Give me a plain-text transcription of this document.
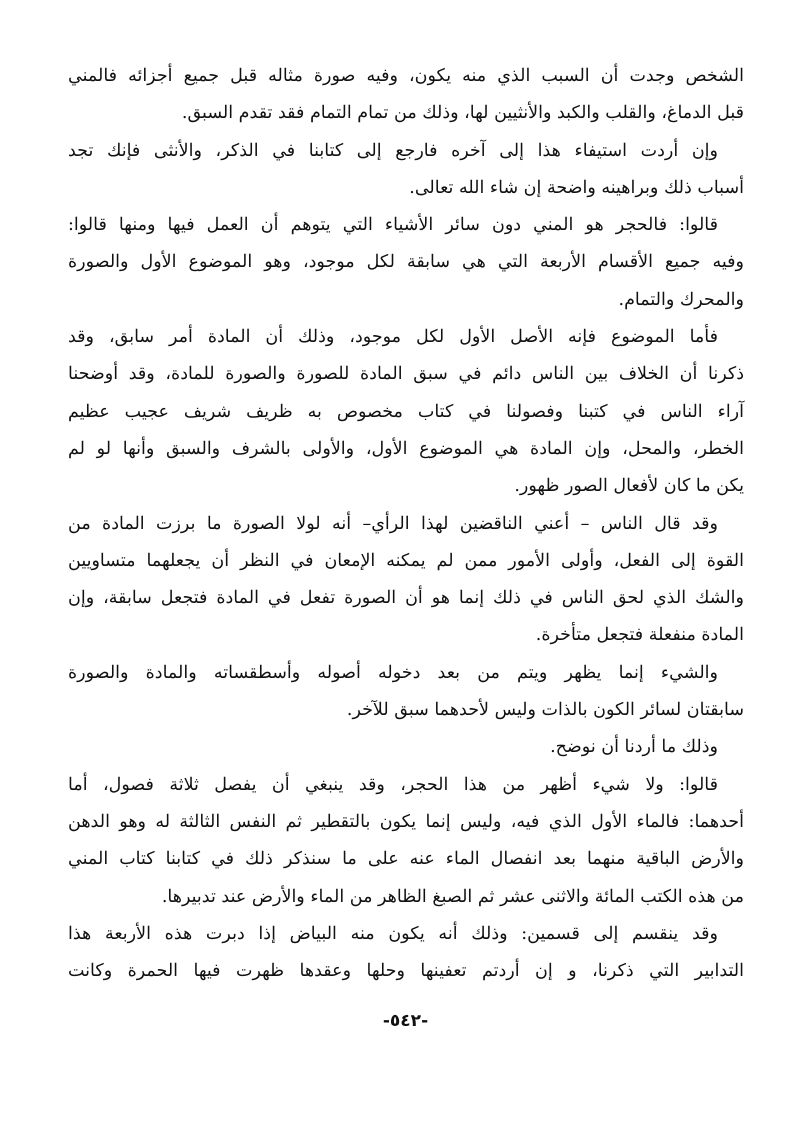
الشخص وجدت أن السبب الذي منه يكون، وفيه صورة مثاله قبل جميع أجزائه فالمني
قبل الدماغ، والقلب والكبد والأنثيين لها، وذلك من تمام التمام فقد تقدم السبق.
وإن أردت استيفاء هذا إلى آخره فارجع إلى كتابنا في الذكر، والأنثى فإنك تجد
أسباب ذلك وبراهينه واضحة إن شاء الله تعالى.
قالوا: فالحجر هو المني دون سائر الأشياء التي يتوهم أن العمل فيها ومنها قالوا:
وفيه جميع الأقسام الأربعة التي هي سابقة لكل موجود، وهو الموضوع الأول والصورة
والمحرك والتمام.
فأما الموضوع فإنه الأصل الأول لكل موجود، وذلك أن المادة أمر سابق، وقد
ذكرنا أن الخلاف بين الناس دائم في سبق المادة للصورة والصورة للمادة، وقد أوضحنا
آراء الناس في كتبنا وفصولنا في كتاب مخصوص به ظريف شريف عجيب عظيم
الخطر، والمحل، وإن المادة هي الموضوع الأول، والأولى بالشرف والسبق وأنها لو لم
يكن ما كان لأفعال الصور ظهور.
وقد قال الناس – أعني الناقضين لهذا الرأي– أنه لولا الصورة ما برزت المادة من
القوة إلى الفعل، وأولى الأمور ممن لم يمكنه الإمعان في النظر أن يجعلهما متساويين
والشك الذي لحق الناس في ذلك إنما هو أن الصورة تفعل في المادة فتجعل سابقة، وإن
المادة منفعلة فتجعل متأخرة.
والشيء إنما يظهر ويتم من بعد دخوله أصوله وأسطقساته والمادة والصورة
سابقتان لسائر الكون بالذات وليس لأحدهما سبق للآخر.
وذلك ما أردنا أن نوضح.
قالوا: ولا شيء أظهر من هذا الحجر، وقد ينبغي أن يفصل ثلاثة فصول، أما
أحدهما: فالماء الأول الذي فيه، وليس إنما يكون بالتقطير ثم النفس الثالثة له وهو الدهن
والأرض الباقية منهما بعد انفصال الماء عنه على ما سنذكر ذلك في كتابنا كتاب المني
من هذه الكتب المائة والاثنى عشر ثم الصبغ الظاهر من الماء والأرض عند تدبيرها.
وقد ينقسم إلى قسمين: وذلك أنه يكون منه البياض إذا دبرت هذه الأربعة هذا
التدابير التي ذكرنا، و إن أردتم تعفينها وحلها وعقدها ظهرت فيها الحمرة وكانت
-٥٤٢-
